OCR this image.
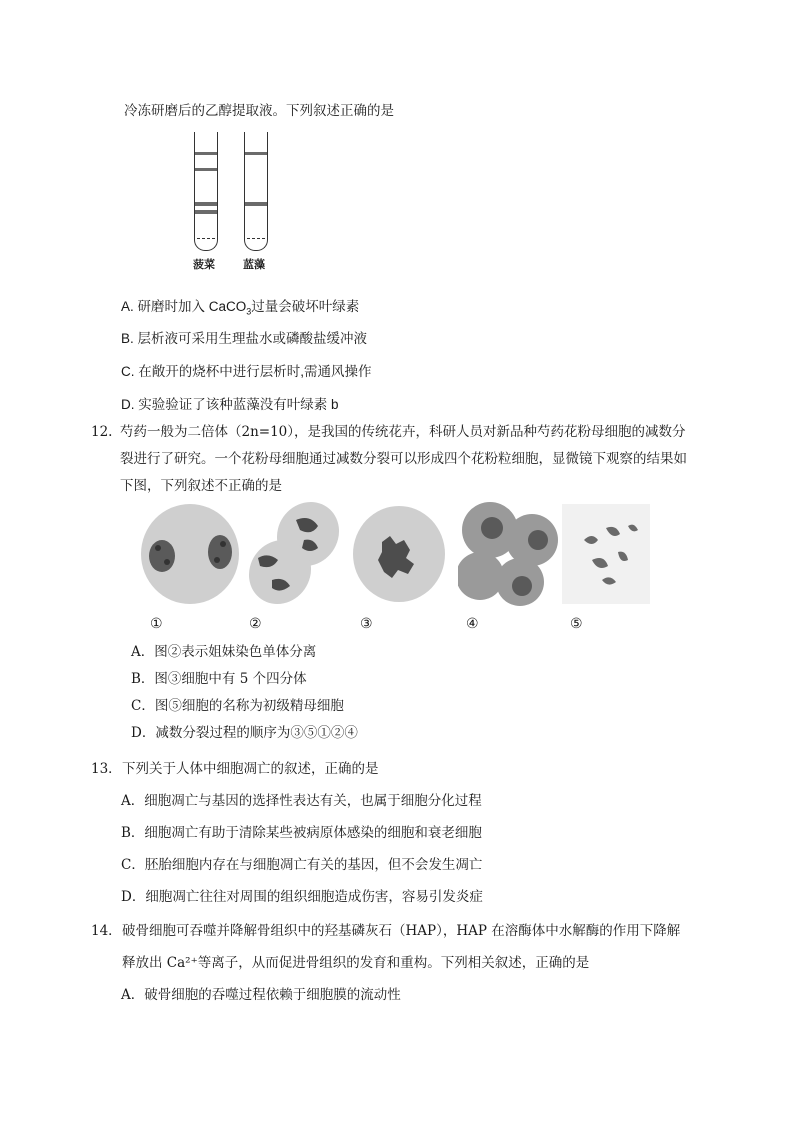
冷冻研磨后的乙醇提取液。下列叙述正确的是
菠菜	蓝藻
A. 研磨时加入 CaCO$_3$过量会破坏叶绿素
B. 层析液可采用生理盐水或磷酸盐缓冲液
C. 在敞开的烧杯中进行层析时,需通风操作
D. 实验验证了该种蓝藻没有叶绿素 b
12. 芍药一般为二倍体（2n=10），是我国的传统花卉，科研人员对新品种芍药花粉母细胞的减数分
裂进行了研究。一个花粉母细胞通过减数分裂可以形成四个花粉粒细胞，显微镜下观察的结果如
下图，下列叙述不正确的是
①	②	③	④	⑤
A．图②表示姐妹染色单体分离
B．图③细胞中有 5 个四分体
C．图⑤细胞的名称为初级精母细胞
D．减数分裂过程的顺序为③⑤①②④
13． 下列关于人体中细胞凋亡的叙述，正确的是
A．细胞凋亡与基因的选择性表达有关，也属于细胞分化过程
B．细胞凋亡有助于清除某些被病原体感染的细胞和衰老细胞
C．胚胎细胞内存在与细胞凋亡有关的基因，但不会发生凋亡
D．细胞凋亡往往对周围的组织细胞造成伤害，容易引发炎症
14． 破骨细胞可吞噬并降解骨组织中的羟基磷灰石（HAP），HAP 在溶酶体中水解酶的作用下降解
释放出 Ca²⁺等离子，从而促进骨组织的发育和重构。下列相关叙述，正确的是
A．破骨细胞的吞噬过程依赖于细胞膜的流动性
